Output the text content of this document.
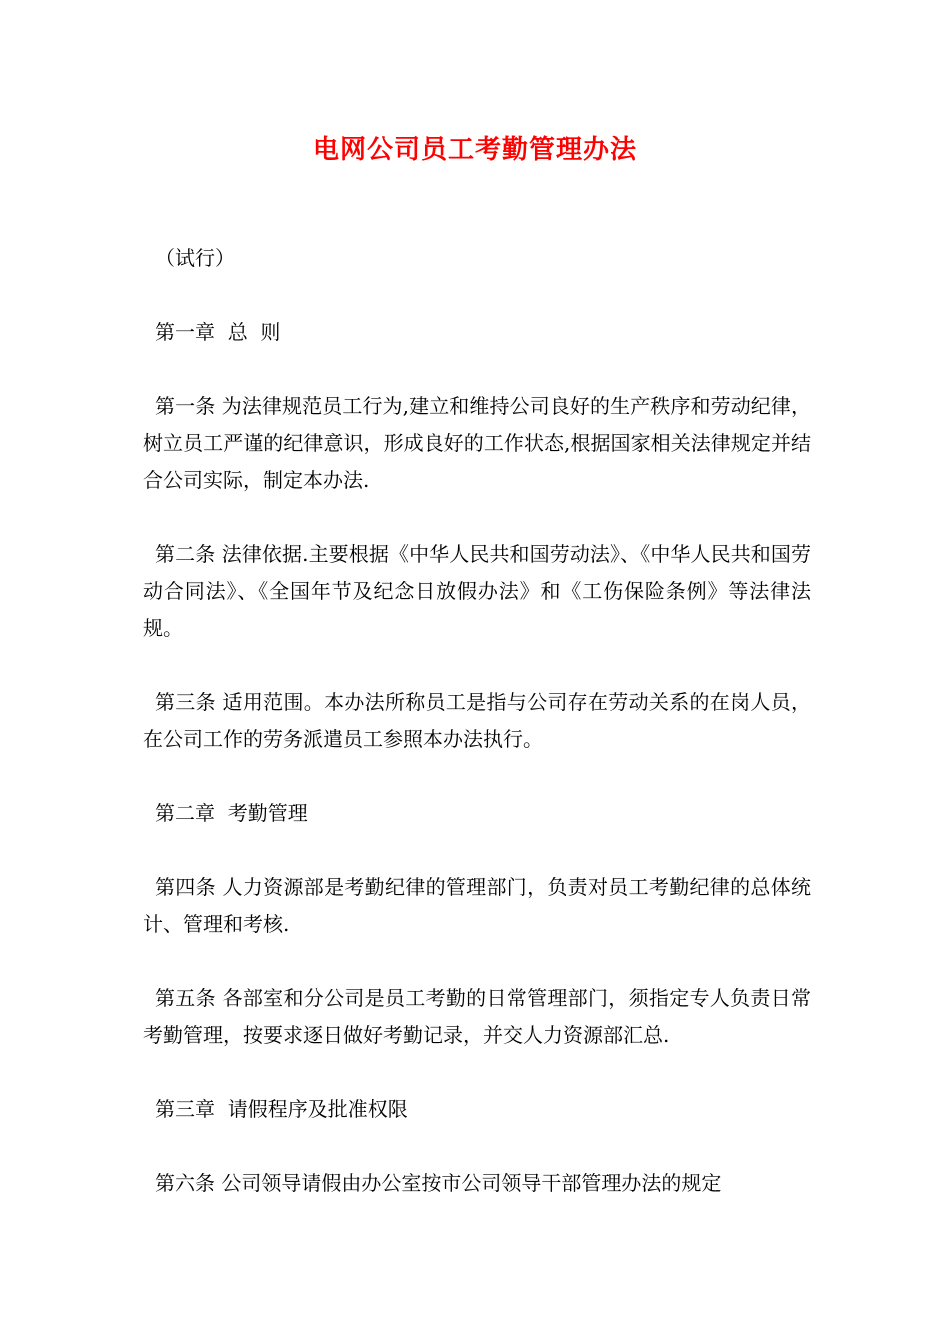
电网公司员工考勤管理办法

（试行）

第一章  总  则

第一条 为法律规范员工行为,建立和维持公司良好的生产秩序和劳动纪律，树立员工严谨的纪律意识，形成良好的工作状态,根据国家相关法律规定并结合公司实际，制定本办法.

第二条 法律依据.主要根据《中华人民共和国劳动法》、《中华人民共和国劳动合同法》、《全国年节及纪念日放假办法》和《工伤保险条例》等法律法规。

第三条 适用范围。本办法所称员工是指与公司存在劳动关系的在岗人员，在公司工作的劳务派遣员工参照本办法执行。

第二章  考勤管理

第四条 人力资源部是考勤纪律的管理部门，负责对员工考勤纪律的总体统计、管理和考核.

第五条 各部室和分公司是员工考勤的日常管理部门，须指定专人负责日常考勤管理，按要求逐日做好考勤记录，并交人力资源部汇总.

第三章  请假程序及批准权限

第六条 公司领导请假由办公室按市公司领导干部管理办法的规定
